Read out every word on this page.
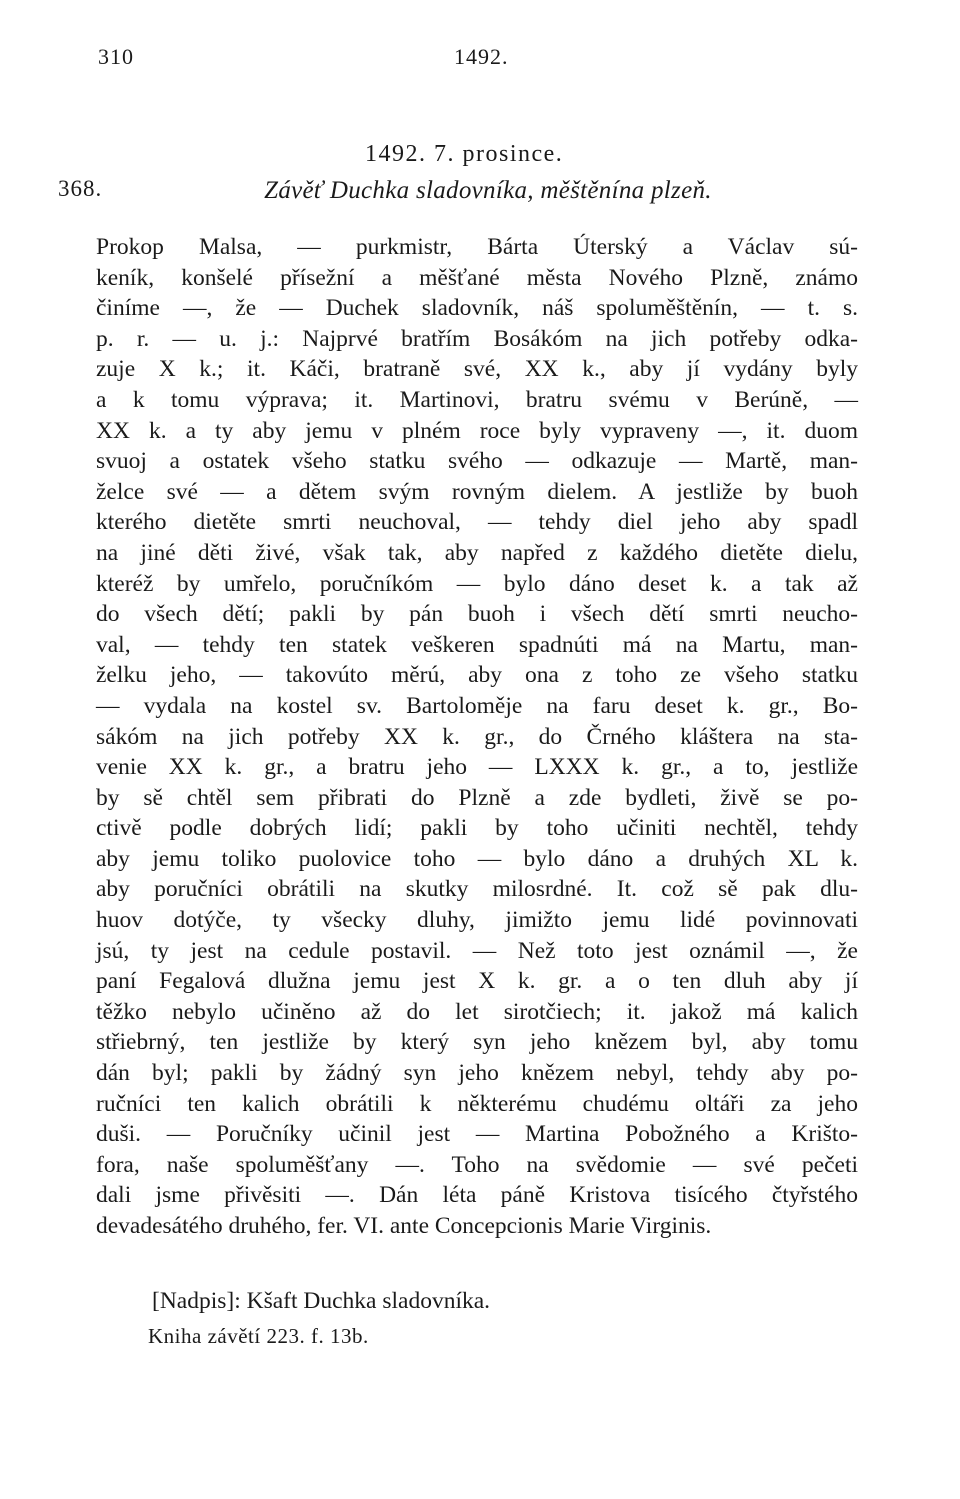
310	1492.
1492. 7. prosince.
368.	Závěť Duchka sladovníka, měštěnína plzeň.
Prokop Malsa, — purkmistr, Bárta Úterský a Václav sú-
keník, konšelé přísežní a měšťané města Nového Plzně, známo
činíme —, že — Duchek sladovník, náš spoluměštěnín, — t. s.
p. r. — u. j.: Najprvé bratřím Bosákóm na jich potřeby odka-
zuje X k.; it. Káči, bratraně své, XX k., aby jí vydány byly
a k tomu výprava; it. Martinovi, bratru svému v Berúně, —
XX k. a ty aby jemu v plném roce byly vypraveny —, it. duom
svuoj a ostatek všeho statku svého — odkazuje — Martě, man-
želce své — a dětem svým rovným dielem. A jestliže by buoh
kterého dietěte smrti neuchoval, — tehdy diel jeho aby spadl
na jiné děti živé, však tak, aby napřed z každého dietěte dielu,
kteréž by umřelo, poručníkóm — bylo dáno deset k. a tak až
do všech dětí; pakli by pán buoh i všech dětí smrti neucho-
val, — tehdy ten statek veškeren spadnúti má na Martu, man-
želku jeho, — takovúto měrú, aby ona z toho ze všeho statku
— vydala na kostel sv. Bartoloměje na faru deset k. gr., Bo-
sákóm na jich potřeby XX k. gr., do Črného kláštera na sta-
venie XX k. gr., a bratru jeho — LXXX k. gr., a to, jestliže
by sě chtěl sem přibrati do Plzně a zde bydleti, živě se po-
ctivě podle dobrých lidí; pakli by toho učiniti nechtěl, tehdy
aby jemu toliko puolovice toho — bylo dáno a druhých XL k.
aby poručníci obrátili na skutky milosrdné. It. což sě pak dlu-
huov dotýče, ty všecky dluhy, jimižto jemu lidé povinnovati
jsú, ty jest na cedule postavil. — Než toto jest oznámil —, že
paní Fegalová dlužna jemu jest X k. gr. a o ten dluh aby jí
těžko nebylo učiněno až do let sirotčiech; it. jakož má kalich
střiebrný, ten jestliže by který syn jeho knězem byl, aby tomu
dán byl; pakli by žádný syn jeho knězem nebyl, tehdy aby po-
ručníci ten kalich obrátili k některému chudému oltáři za jeho
duši. — Poručníky učinil jest — Martina Pobožného a Krišto-
fora, naše spoluměšťany —. Toho na svědomie — své pečeti
dali jsme přivěsiti —. Dán léta páně Kristova tisícého čtyřstého
devadesátého druhého, fer. VI. ante Concepcionis Marie Virginis.
[Nadpis]: Kšaft Duchka sladovníka.
Kniha závětí 223. f. 13b.
